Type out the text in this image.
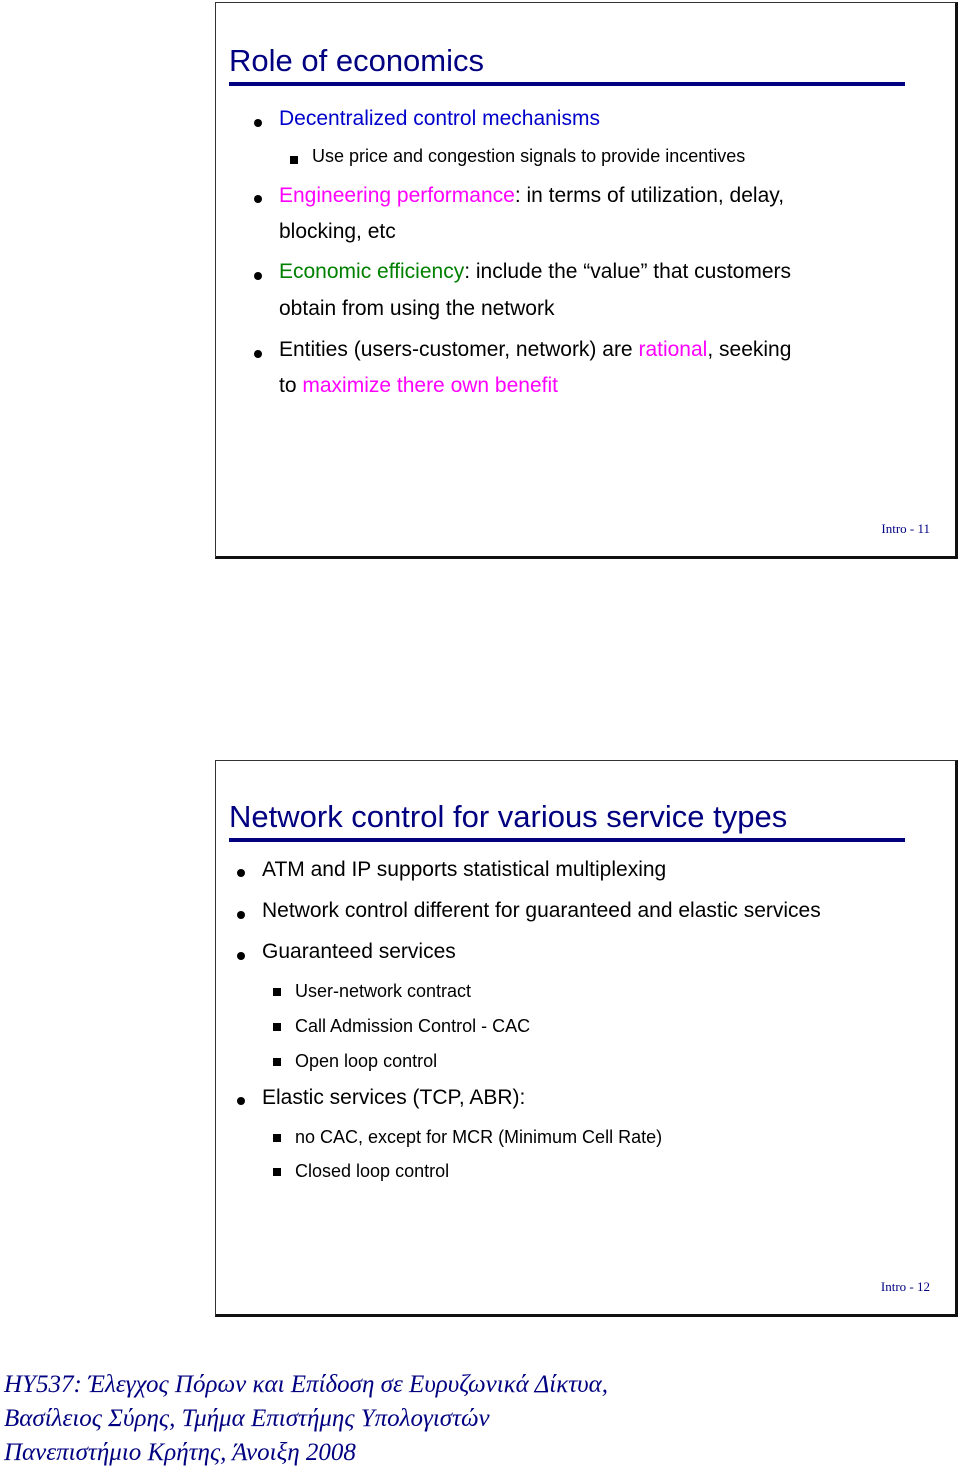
Role of economics
Decentralized control mechanisms
Use price and congestion signals to provide incentives
Engineering performance: in terms of utilization, delay,
blocking, etc
Economic efficiency: include the “value” that customers
obtain from using the network
Entities (users-customer, network) are rational, seeking
to maximize there own benefit
Intro - 11
Network control for various service types
ATM and IP supports statistical multiplexing
Network control different for guaranteed and elastic services
Guaranteed services
User-network contract
Call Admission Control - CAC
Open loop control
Elastic services (TCP, ABR):
no CAC, except for MCR (Minimum Cell Rate)
Closed loop control
Intro - 12
HY537: Έλεγχος Πόρων και Επίδοση σε Ευρυζωνικά Δίκτυα,
Βασίλειος Σύρης, Τμήμα Επιστήμης Υπολογιστών
Πανεπιστήμιο Κρήτης, Άνοιξη 2008
